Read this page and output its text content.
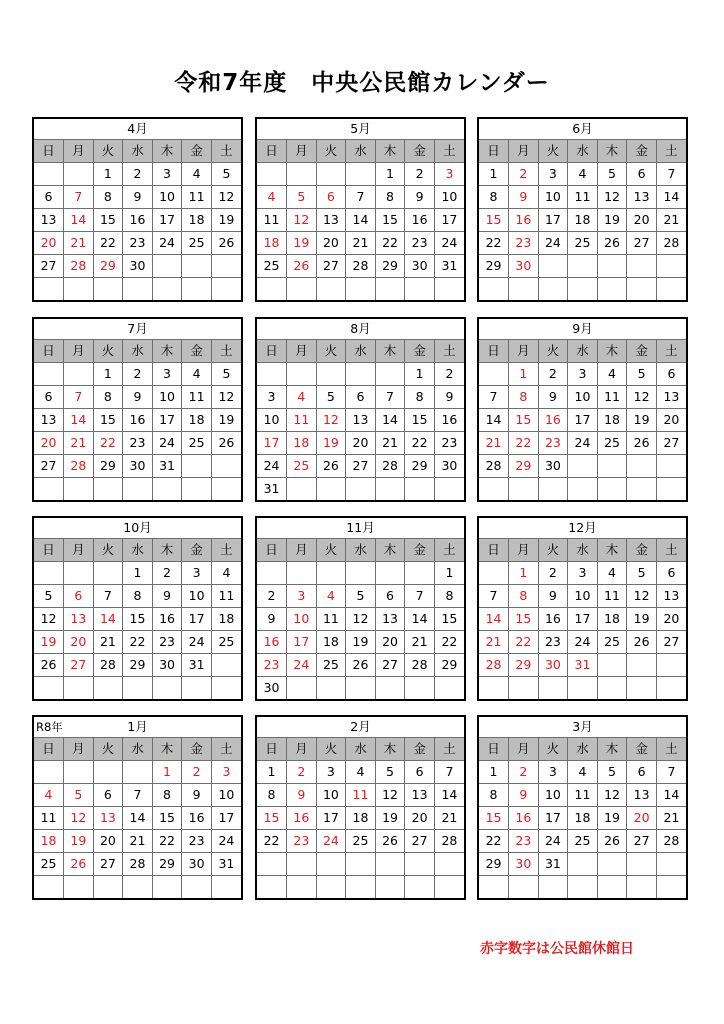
令和7年度　中央公民館カレンダー
4月						
日	月	火	水	木	金	土
		1	2	3	4	5
6	7	8	9	10	11	12
13	14	15	16	17	18	19
20	21	22	23	24	25	26
27	28	29	30			

5月						
日	月	火	水	木	金	土
				1	2	3
4	5	6	7	8	9	10
11	12	13	14	15	16	17
18	19	20	21	22	23	24
25	26	27	28	29	30	31

6月						
日	月	火	水	木	金	土
1	2	3	4	5	6	7
8	9	10	11	12	13	14
15	16	17	18	19	20	21
22	23	24	25	26	27	28
29	30					

7月						
日	月	火	水	木	金	土
		1	2	3	4	5
6	7	8	9	10	11	12
13	14	15	16	17	18	19
20	21	22	23	24	25	26
27	28	29	30	31		

8月						
日	月	火	水	木	金	土
					1	2
3	4	5	6	7	8	9
10	11	12	13	14	15	16
17	18	19	20	21	22	23
24	25	26	27	28	29	30
31						
9月						
日	月	火	水	木	金	土
	1	2	3	4	5	6
7	8	9	10	11	12	13
14	15	16	17	18	19	20
21	22	23	24	25	26	27
28	29	30				

10月						
日	月	火	水	木	金	土
			1	2	3	4
5	6	7	8	9	10	11
12	13	14	15	16	17	18
19	20	21	22	23	24	25
26	27	28	29	30	31	

11月						
日	月	火	水	木	金	土
						1
2	3	4	5	6	7	8
9	10	11	12	13	14	15
16	17	18	19	20	21	22
23	24	25	26	27	28	29
30						
12月						
日	月	火	水	木	金	土
	1	2	3	4	5	6
7	8	9	10	11	12	13
14	15	16	17	18	19	20
21	22	23	24	25	26	27
28	29	30	31			

R8年 1月						
日	月	火	水	木	金	土
				1	2	3
4	5	6	7	8	9	10
11	12	13	14	15	16	17
18	19	20	21	22	23	24
25	26	27	28	29	30	31

2月						
日	月	火	水	木	金	土
1	2	3	4	5	6	7
8	9	10	11	12	13	14
15	16	17	18	19	20	21
22	23	24	25	26	27	28

3月						
日	月	火	水	木	金	土
1	2	3	4	5	6	7
8	9	10	11	12	13	14
15	16	17	18	19	20	21
22	23	24	25	26	27	28
29	30	31				

赤字数字は公民館休館日
